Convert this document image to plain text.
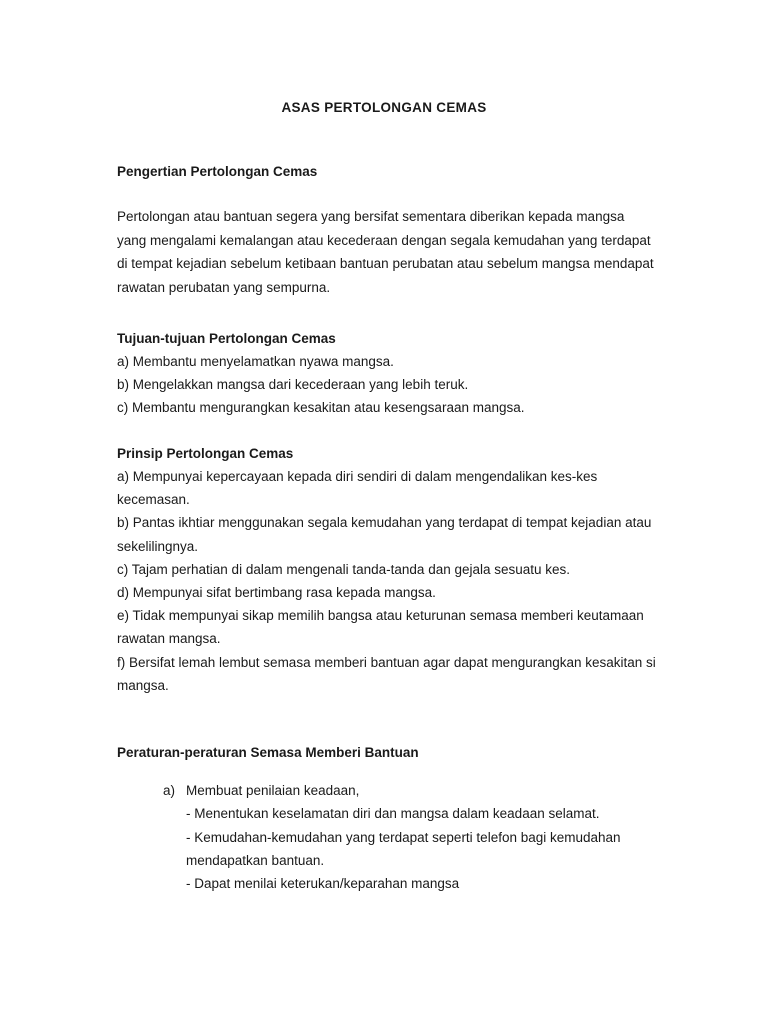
ASAS PERTOLONGAN CEMAS
Pengertian Pertolongan Cemas

Pertolongan atau bantuan segera yang bersifat sementara diberikan kepada mangsa yang mengalami kemalangan atau kecederaan dengan segala kemudahan yang terdapat di tempat kejadian sebelum ketibaan bantuan perubatan atau sebelum mangsa mendapat rawatan perubatan yang sempurna.

Tujuan-tujuan Pertolongan Cemas
a) Membantu menyelamatkan nyawa mangsa.
b) Mengelakkan mangsa dari kecederaan yang lebih teruk.
c) Membantu mengurangkan kesakitan atau kesengsaraan mangsa.
Prinsip Pertolongan Cemas
a) Mempunyai kepercayaan kepada diri sendiri di dalam mengendalikan kes-kes kecemasan.
b) Pantas ikhtiar menggunakan segala kemudahan yang terdapat di tempat kejadian atau sekelilingnya.
c) Tajam perhatian di dalam mengenali tanda-tanda dan gejala sesuatu kes.
d) Mempunyai sifat bertimbang rasa kepada mangsa.
e) Tidak mempunyai sikap memilih bangsa atau keturunan semasa memberi keutamaan rawatan mangsa.
f) Bersifat lemah lembut semasa memberi bantuan agar dapat mengurangkan kesakitan si mangsa.
Peraturan-peraturan Semasa Memberi Bantuan
a) Membuat penilaian keadaan,
- Menentukan keselamatan diri dan mangsa dalam keadaan selamat.
- Kemudahan-kemudahan yang terdapat seperti telefon bagi kemudahan mendapatkan bantuan.
- Dapat menilai keterukan/keparahan mangsa
